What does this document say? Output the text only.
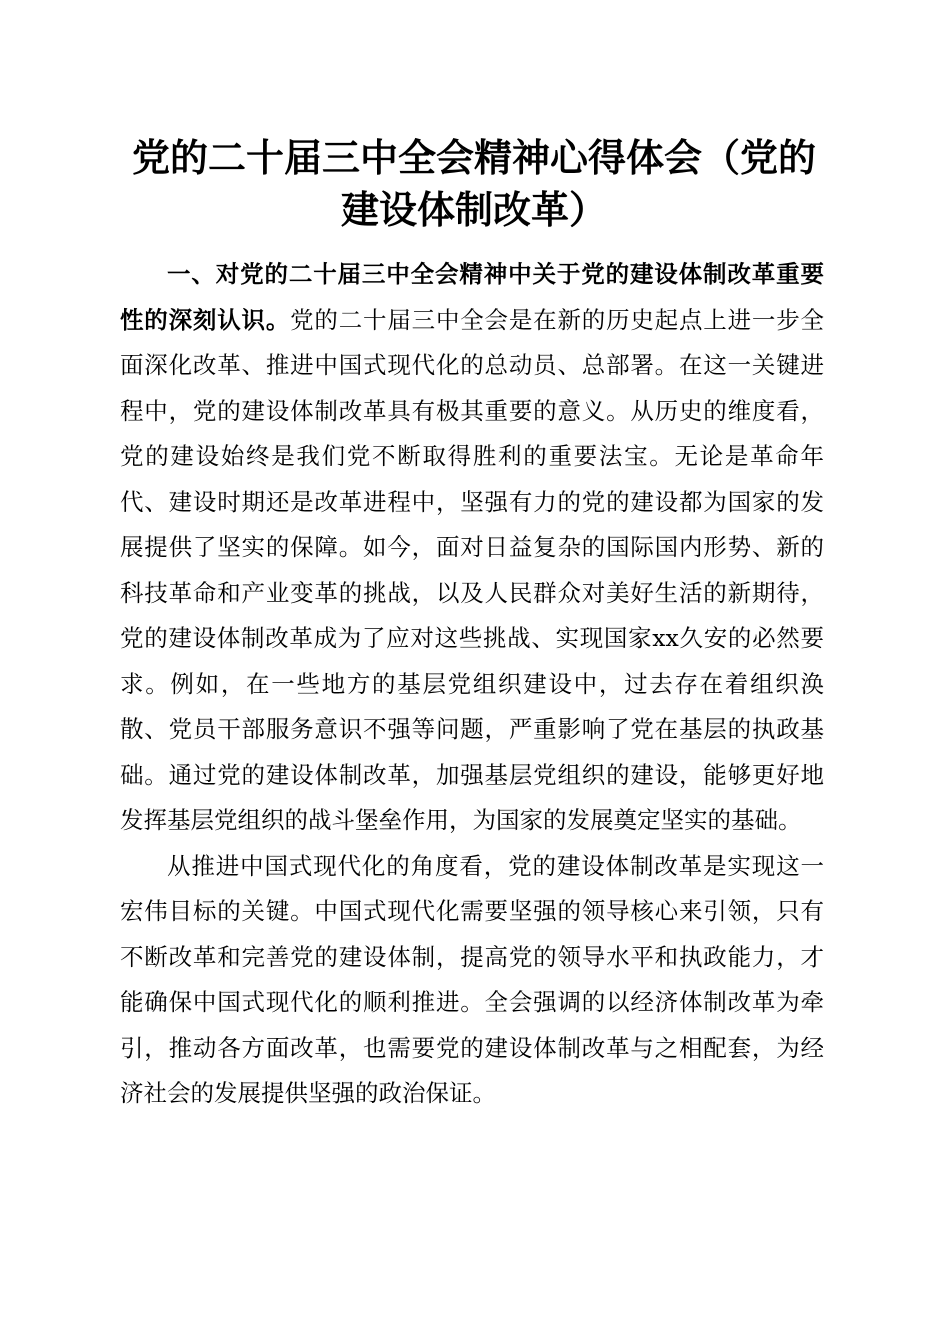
党的二十届三中全会精神心得体会（党的建设体制改革）

一、对党的二十届三中全会精神中关于党的建设体制改革重要性的深刻认识。党的二十届三中全会是在新的历史起点上进一步全面深化改革、推进中国式现代化的总动员、总部署。在这一关键进程中，党的建设体制改革具有极其重要的意义。从历史的维度看，党的建设始终是我们党不断取得胜利的重要法宝。无论是革命年代、建设时期还是改革进程中，坚强有力的党的建设都为国家的发展提供了坚实的保障。如今，面对日益复杂的国际国内形势、新的科技革命和产业变革的挑战，以及人民群众对美好生活的新期待，党的建设体制改革成为了应对这些挑战、实现国家xx久安的必然要求。例如，在一些地方的基层党组织建设中，过去存在着组织涣散、党员干部服务意识不强等问题，严重影响了党在基层的执政基础。通过党的建设体制改革，加强基层党组织的建设，能够更好地发挥基层党组织的战斗堡垒作用，为国家的发展奠定坚实的基础。

从推进中国式现代化的角度看，党的建设体制改革是实现这一宏伟目标的关键。中国式现代化需要坚强的领导核心来引领，只有不断改革和完善党的建设体制，提高党的领导水平和执政能力，才能确保中国式现代化的顺利推进。全会强调的以经济体制改革为牵引，推动各方面改革，也需要党的建设体制改革与之相配套，为经济社会的发展提供坚强的政治保证。
